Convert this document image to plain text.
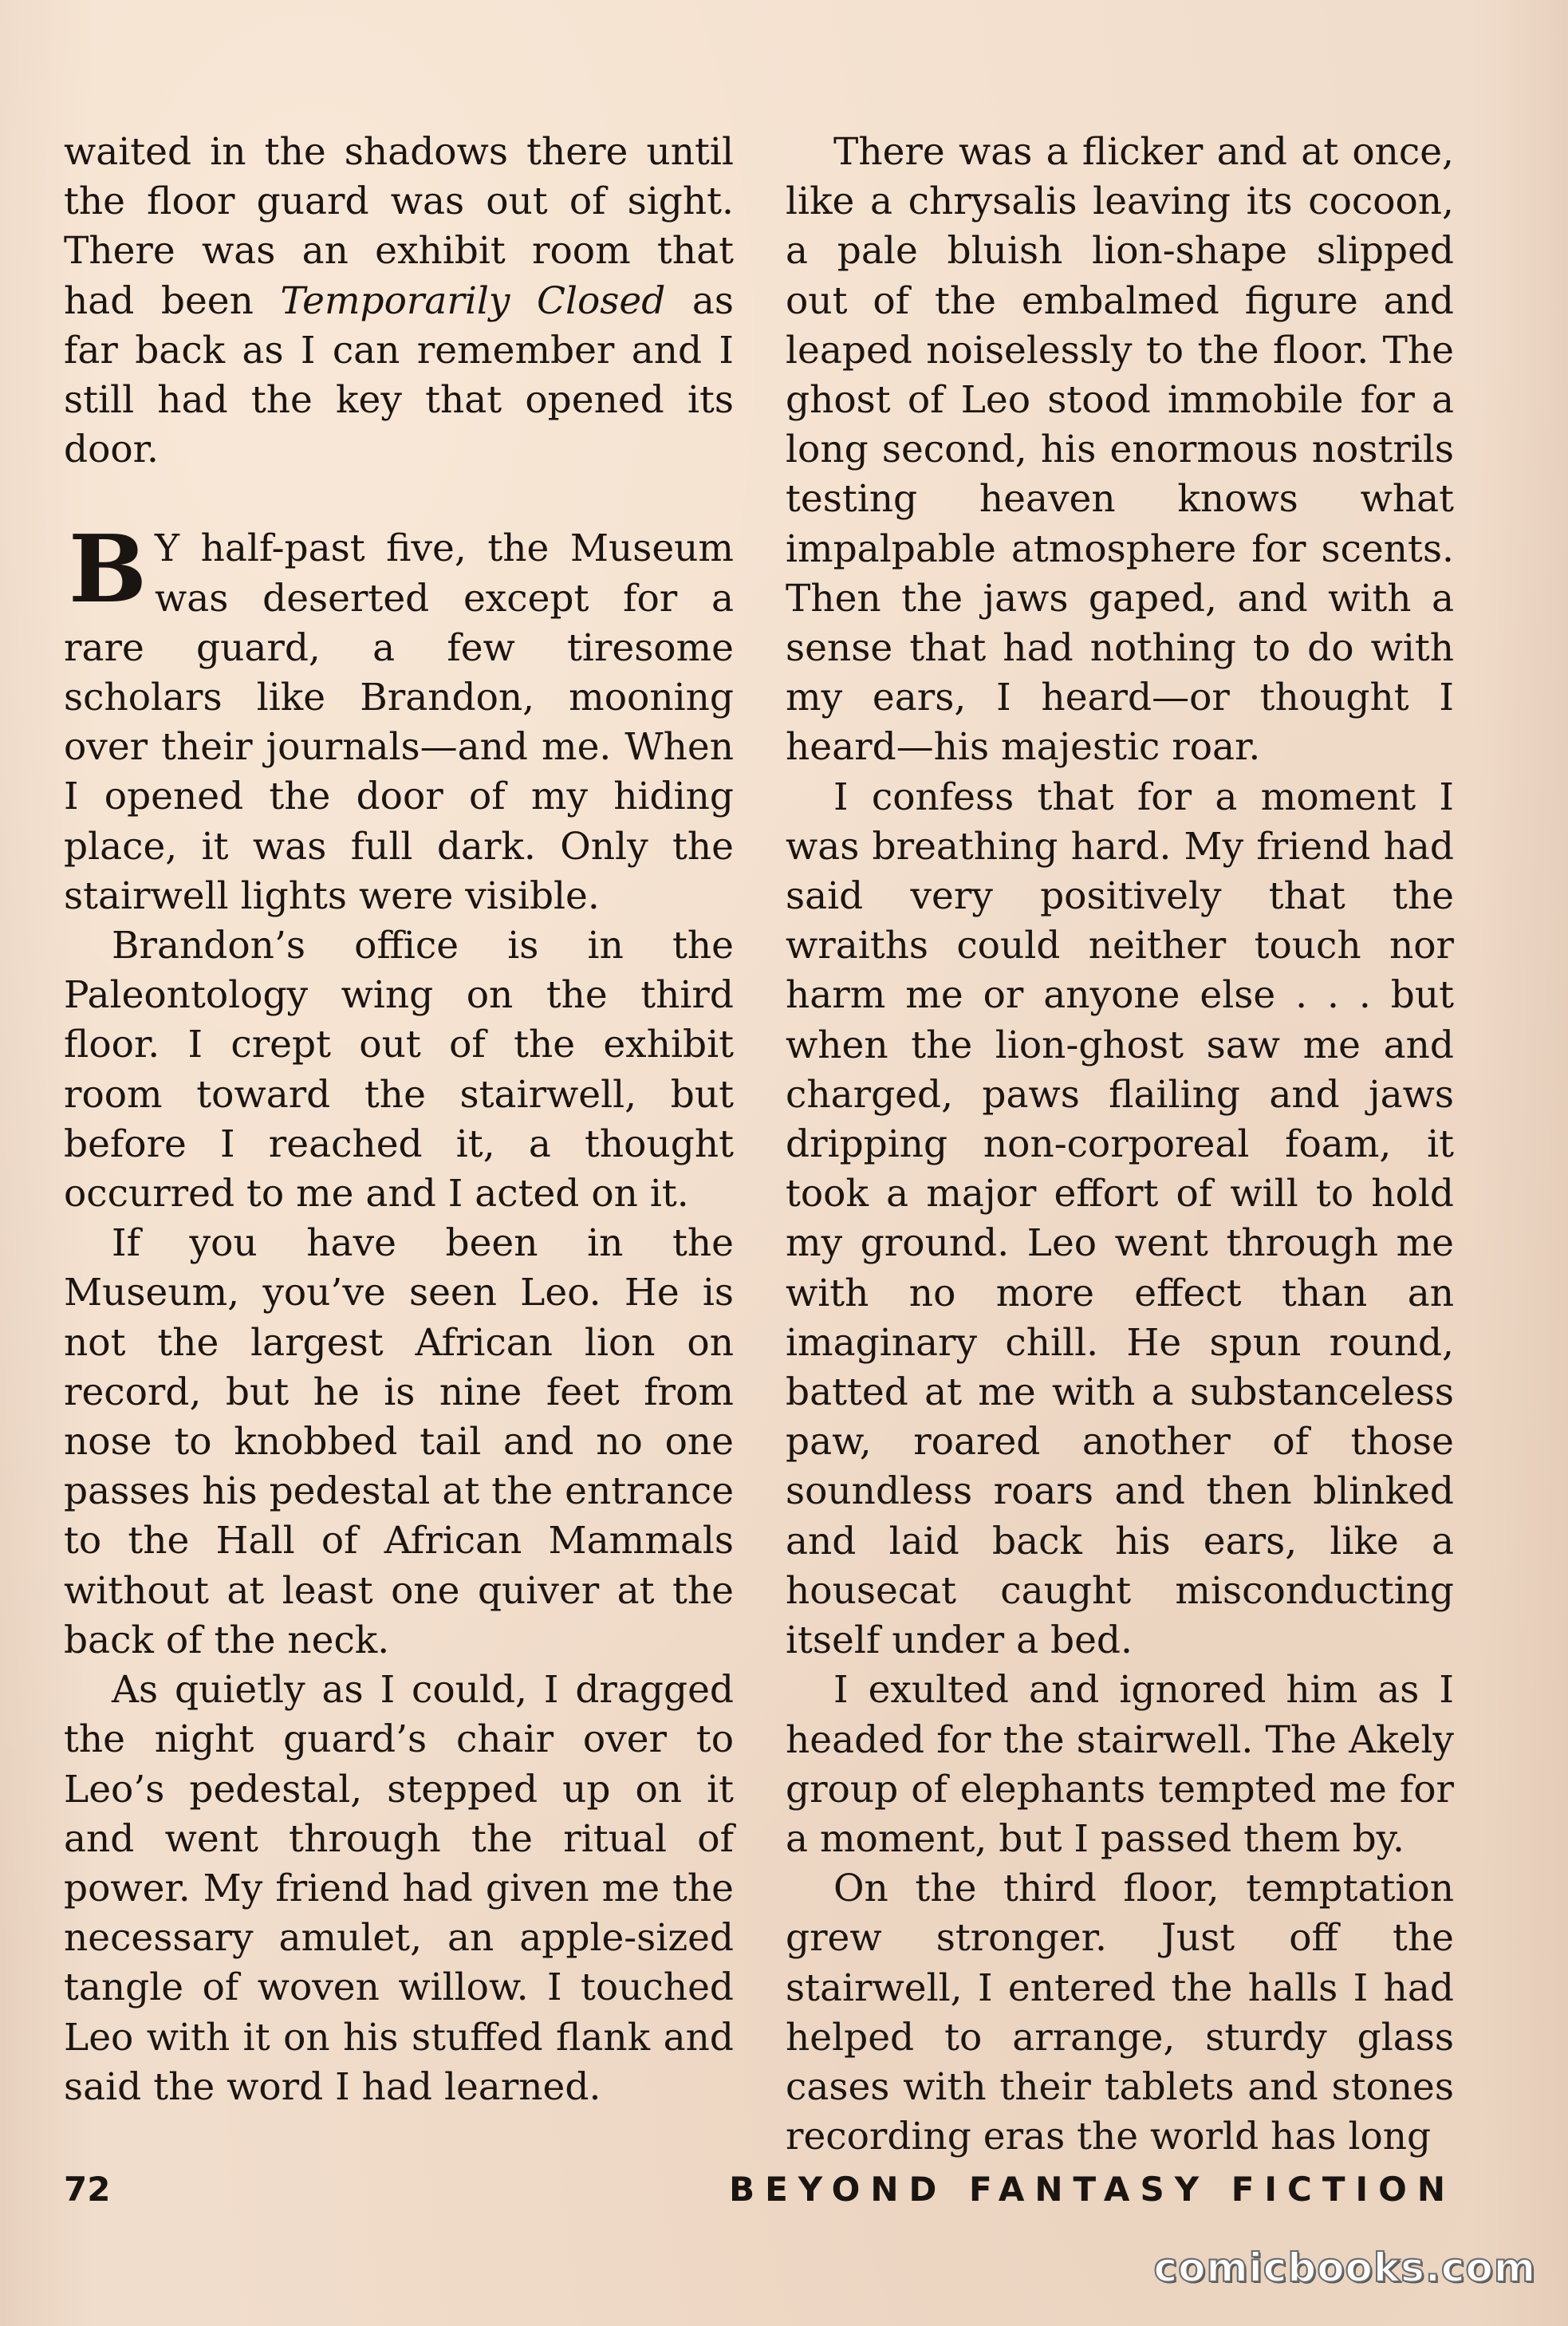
waited in the shadows there until the floor guard was out of sight. There was an exhibit room that had been Temporarily Closed as far back as I can remember and I still had the key that opened its door.

B Y half-past five, the Museum was deserted except for a rare guard, a few tiresome scholars like Brandon, mooning over their journals—and me. When I opened the door of my hiding place, it was full dark. Only the stairwell lights were visible.

Brandon’s office is in the Paleontology wing on the third floor. I crept out of the exhibit room toward the stairwell, but before I reached it, a thought occurred to me and I acted on it.

If you have been in the Museum, you’ve seen Leo. He is not the largest African lion on record, but he is nine feet from nose to knobbed tail and no one passes his pedestal at the entrance to the Hall of African Mammals without at least one quiver at the back of the neck.

As quietly as I could, I dragged the night guard’s chair over to Leo’s pedestal, stepped up on it and went through the ritual of power. My friend had given me the necessary amulet, an apple-sized tangle of woven willow. I touched Leo with it on his stuffed flank and said the word I had learned.

There was a flicker and at once, like a chrysalis leaving its cocoon, a pale bluish lion-shape slipped out of the embalmed figure and leaped noiselessly to the floor. The ghost of Leo stood immobile for a long second, his enormous nostrils testing heaven knows what impalpable atmosphere for scents. Then the jaws gaped, and with a sense that had nothing to do with my ears, I heard—or thought I heard—his majestic roar.

I confess that for a moment I was breathing hard. My friend had said very positively that the wraiths could neither touch nor harm me or anyone else . . . but when the lion-ghost saw me and charged, paws flailing and jaws dripping non-corporeal foam, it took a major effort of will to hold my ground. Leo went through me with no more effect than an imaginary chill. He spun round, batted at me with a substanceless paw, roared another of those soundless roars and then blinked and laid back his ears, like a housecat caught misconducting itself under a bed.

I exulted and ignored him as I headed for the stairwell. The Akely group of elephants tempted me for a moment, but I passed them by.

On the third floor, temptation grew stronger. Just off the stairwell, I entered the halls I had helped to arrange, sturdy glass cases with their tablets and stones recording eras the world has long

72	BEYOND FANTASY FICTION
comicbooks.com
